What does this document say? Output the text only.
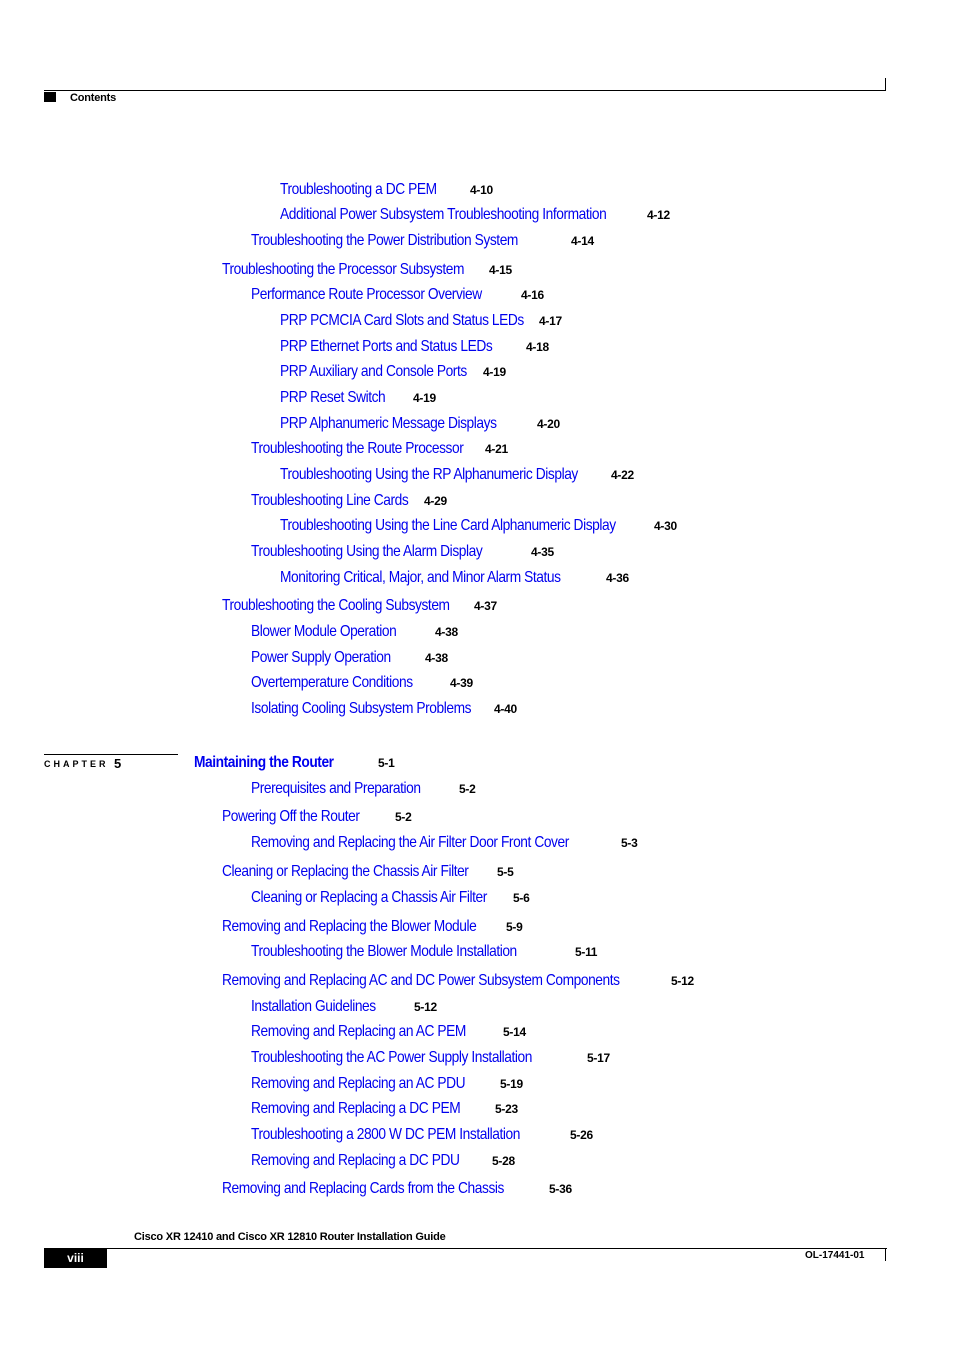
Contents
CHAPTER 5
Troubleshooting a DC PEM	4-10
Additional Power Subsystem Troubleshooting Information	4-12
Troubleshooting the Power Distribution System	4-14
Troubleshooting the Processor Subsystem 4-15
Performance Route Processor Overview	4-16
PRP PCMCIA Card Slots and Status LEDs 4-17
PRP Ethernet Ports and Status LEDs	4-18
PRP Auxiliary and Console Ports 4-19
PRP Reset Switch 4-19
PRP Alphanumeric Message Displays	4-20
Troubleshooting the Route Processor 4-21
Troubleshooting Using the RP Alphanumeric Display	4-22
Troubleshooting Line Cards 4-29
Troubleshooting Using the Line Card Alphanumeric Display	4-30
Troubleshooting Using the Alarm Display	4-35
Monitoring Critical, Major, and Minor Alarm Status	4-36
Troubleshooting the Cooling Subsystem 4-37
Blower Module Operation	4-38
Power Supply Operation	4-38
Overtemperature Conditions	4-39
Isolating Cooling Subsystem Problems 4-40
Maintaining the Router	5-1
Prerequisites and Preparation	5-2
Powering Off the Router	5-2
Removing and Replacing the Air Filter Door Front Cover	5-3
Cleaning or Replacing the Chassis Air Filter 5-5
Cleaning or Replacing a Chassis Air Filter 5-6
Removing and Replacing the Blower Module 5-9
Troubleshooting the Blower Module Installation	5-11
Removing and Replacing AC and DC Power Subsystem Components	5-12
Installation Guidelines	5-12
Removing and Replacing an AC PEM	5-14
Troubleshooting the AC Power Supply Installation	5-17
Removing and Replacing an AC PDU	5-19
Removing and Replacing a DC PEM	5-23
Troubleshooting a 2800 W DC PEM Installation	5-26
Removing and Replacing a DC PDU	5-28
Removing and Replacing Cards from the Chassis	5-36
Cisco XR 12410 and Cisco XR 12810 Router Installation Guide
viii	OL-17441-01
